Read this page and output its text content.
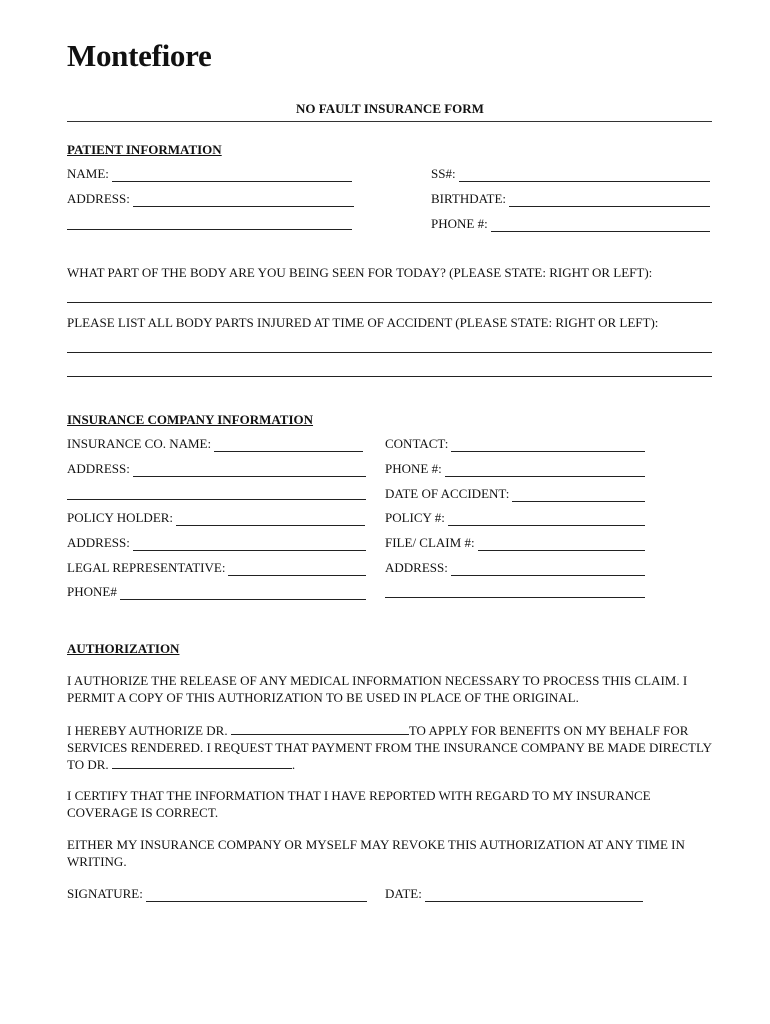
Montefiore
NO FAULT INSURANCE FORM
PATIENT INFORMATION
NAME:	SS#:
ADDRESS:	BIRTHDATE:
PHONE #:
WHAT PART OF THE BODY ARE YOU BEING SEEN FOR TODAY? (PLEASE STATE: RIGHT OR LEFT):
PLEASE LIST ALL BODY PARTS INJURED AT TIME OF ACCIDENT (PLEASE STATE: RIGHT OR LEFT):
INSURANCE COMPANY INFORMATION
INSURANCE CO. NAME:	CONTACT:
ADDRESS:	PHONE #:
DATE OF ACCIDENT:
POLICY HOLDER:	POLICY #:
ADDRESS:	FILE/ CLAIM #:
LEGAL REPRESENTATIVE:	ADDRESS:
PHONE#
AUTHORIZATION
I AUTHORIZE THE RELEASE OF ANY MEDICAL INFORMATION NECESSARY TO PROCESS THIS CLAIM. I PERMIT A COPY OF THIS AUTHORIZATION TO BE USED IN PLACE OF THE ORIGINAL.
I HEREBY AUTHORIZE DR.	TO APPLY FOR BENEFITS ON MY BEHALF FOR SERVICES RENDERED. I REQUEST THAT PAYMENT FROM THE INSURANCE COMPANY BE MADE DIRECTLY TO DR.	.
I CERTIFY THAT THE INFORMATION THAT I HAVE REPORTED WITH REGARD TO MY INSURANCE COVERAGE IS CORRECT.
EITHER MY INSURANCE COMPANY OR MYSELF MAY REVOKE THIS AUTHORIZATION AT ANY TIME IN WRITING.
SIGNATURE:	DATE:
